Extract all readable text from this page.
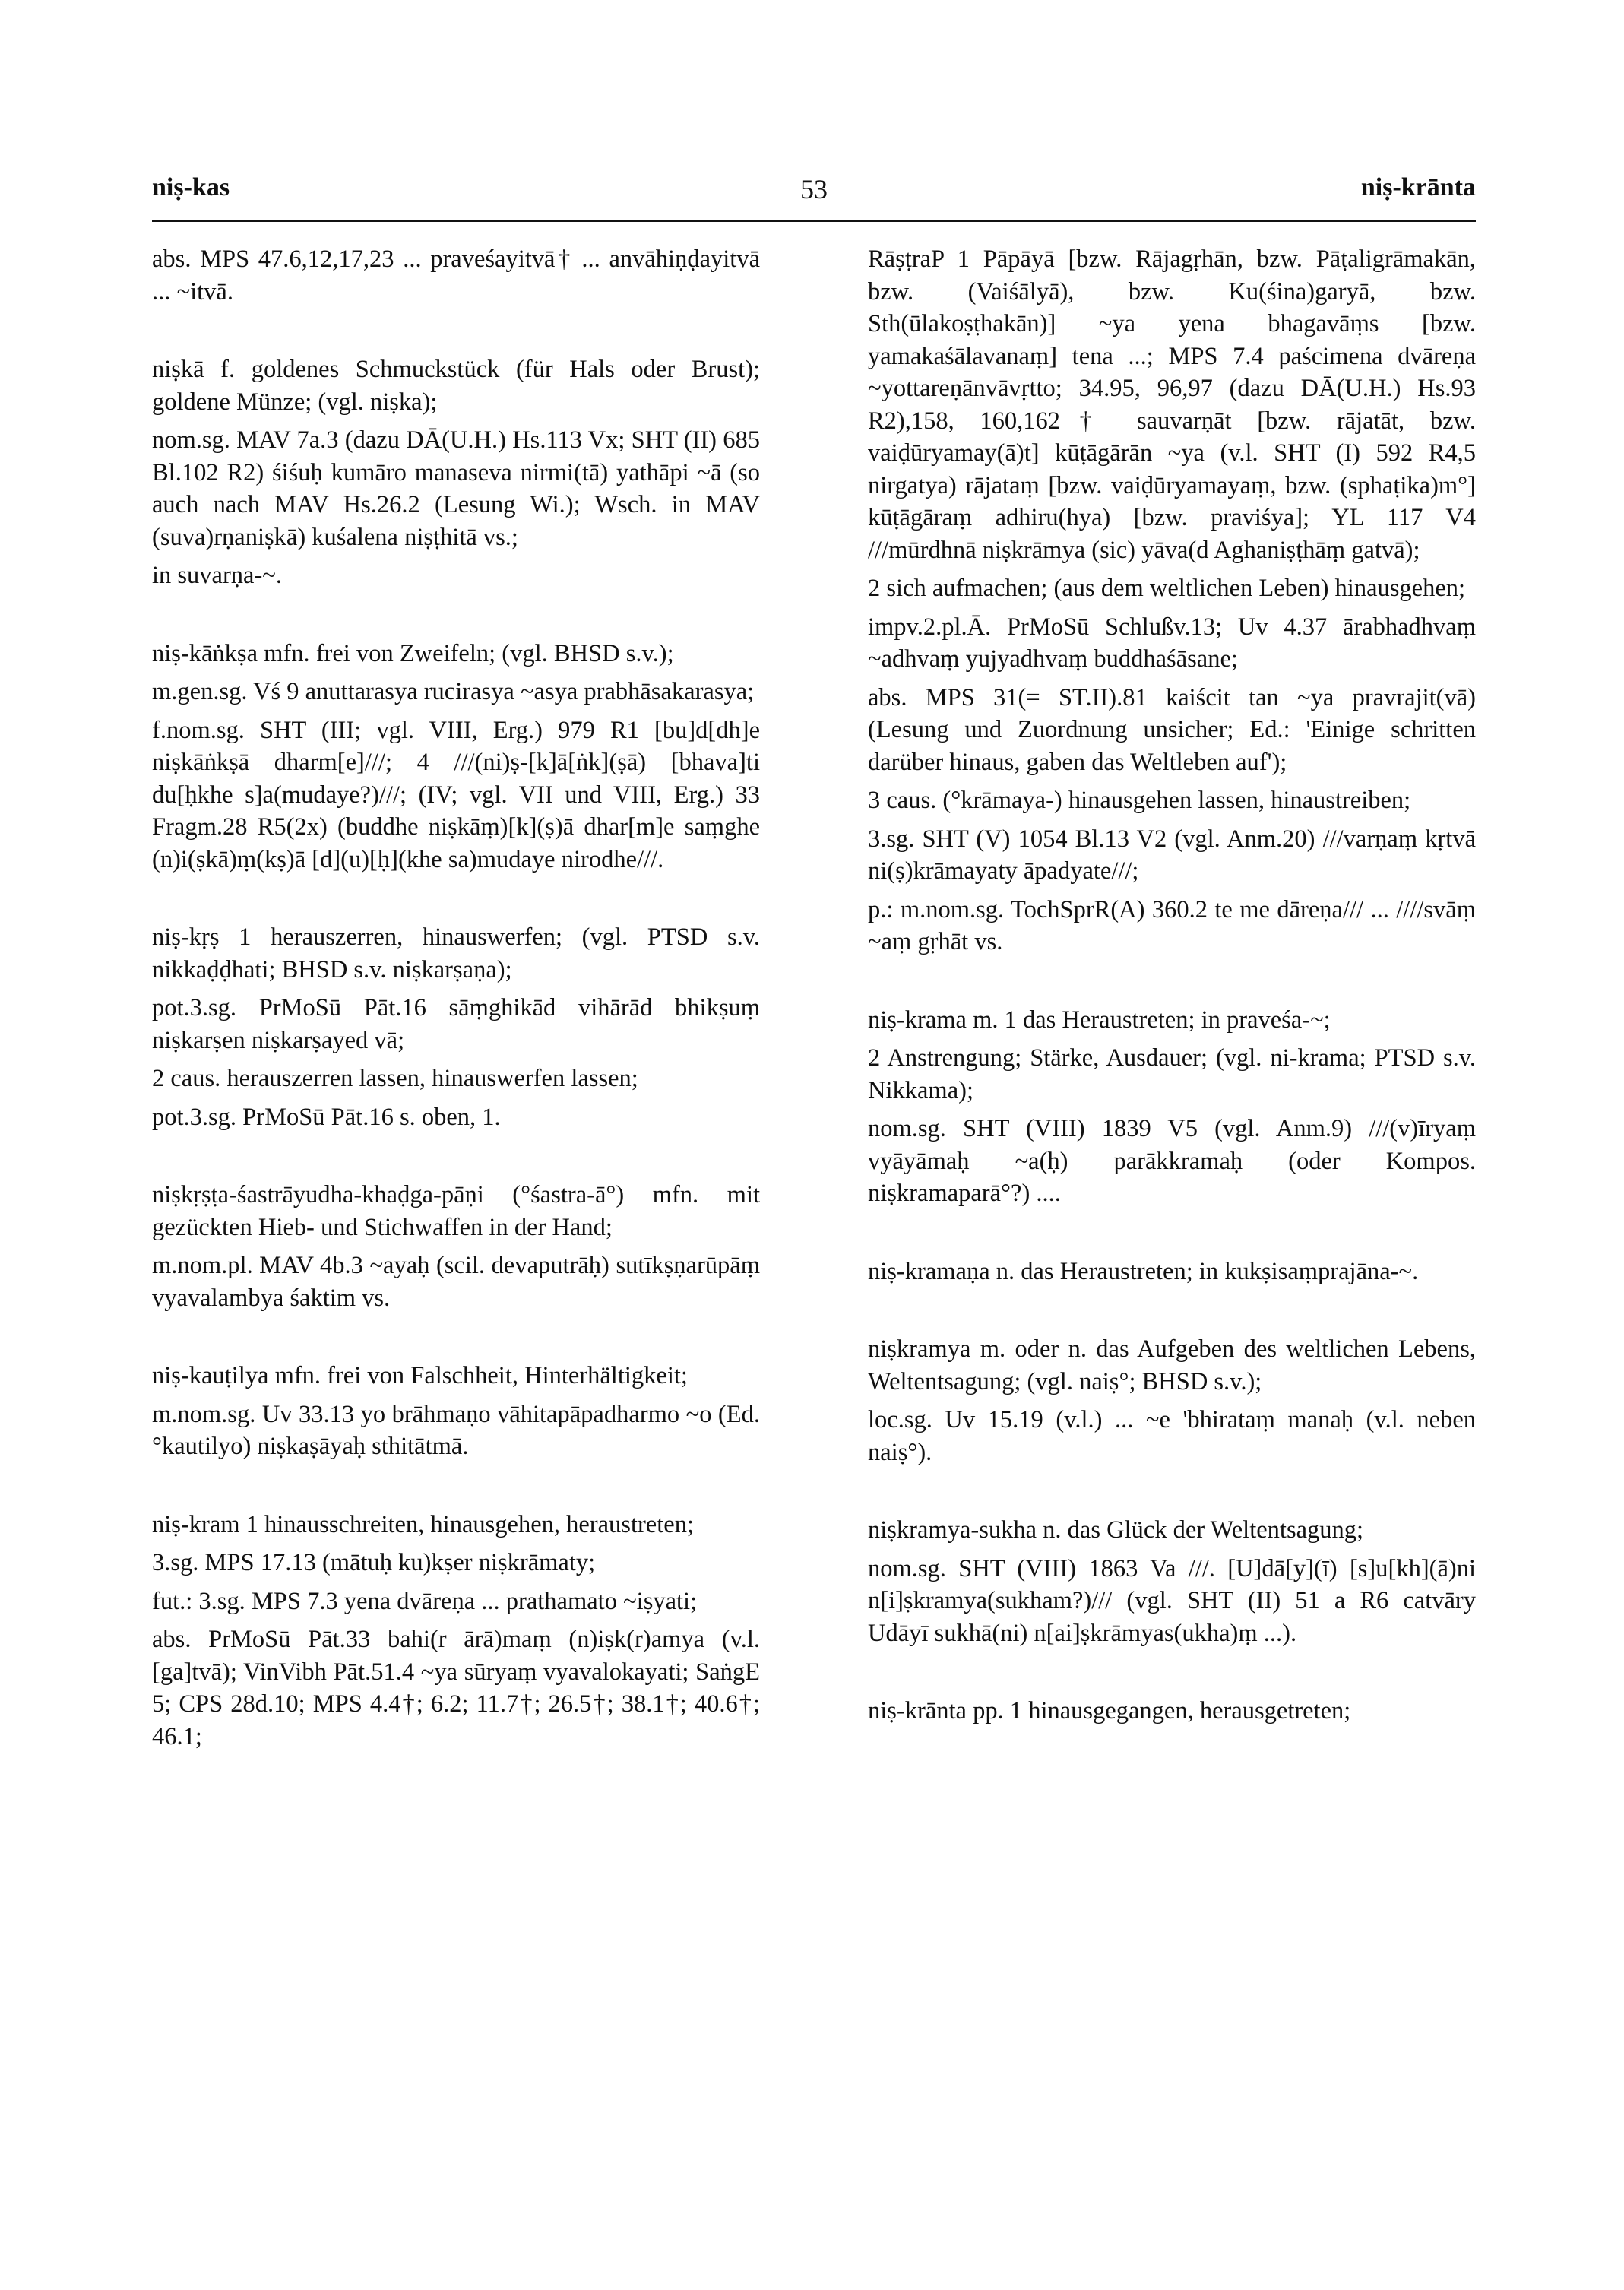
niṣ-kas	53	niṣ-krānta

abs. MPS 47.6,12,17,23 ... praveśayitvā† ... anvāhiṇḍayitvā ... ~itvā.

niṣkā f. goldenes Schmuckstück (für Hals oder Brust); goldene Münze; (vgl. niṣka);

nom.sg. MAV 7a.3 (dazu DĀ(U.H.) Hs.113 Vx; SHT (II) 685 Bl.102 R2) śiśuḥ kumāro manaseva nirmi(tā) yathāpi ~ā (so auch nach MAV Hs.26.2 (Lesung Wi.); Wsch. in MAV (suva)rṇaniṣkā) kuśalena niṣṭhitā vs.;

in suvarṇa-~.

niṣ-kāṅkṣa mfn. frei von Zweifeln; (vgl. BHSD s.v.);

m.gen.sg. Vś 9 anuttarasya rucirasya ~asya prabhāsakarasya;

f.nom.sg. SHT (III; vgl. VIII, Erg.) 979 R1 [bu]d[dh]e niṣkāṅkṣā dharm[e]///; 4 ///(ni)ṣ-[k]ā[ṅk](ṣā) [bhava]ti du[ḥkhe s]a(mudaye?)///; (IV; vgl. VII und VIII, Erg.) 33 Fragm.28 R5(2x) (buddhe niṣkāṃ)[k](ṣ)ā dhar[m]e saṃghe (n)i(ṣkā)ṃ(kṣ)ā [d](u)[ḥ](khe sa)mudaye nirodhe///.

niṣ-kṛṣ 1 herauszerren, hinauswerfen; (vgl. PTSD s.v. nikkaḍḍhati; BHSD s.v. niṣkarṣaṇa);

pot.3.sg. PrMoSū Pāt.16 sāṃghikād vihārād bhikṣuṃ niṣkarṣen niṣkarṣayed vā;

2 caus. herauszerren lassen, hinauswerfen lassen;

pot.3.sg. PrMoSū Pāt.16 s. oben, 1.

niṣkṛṣṭa-śastrāyudha-khaḍga-pāṇi (°śastra-ā°) mfn. mit gezückten Hieb- und Stichwaffen in der Hand;

m.nom.pl. MAV 4b.3 ~ayaḥ (scil. devaputrāḥ) sutīkṣṇarūpāṃ vyavalambya śaktim vs.

niṣ-kauṭilya mfn. frei von Falschheit, Hinterhältigkeit;

m.nom.sg. Uv 33.13 yo brāhmaṇo vāhitapāpadharmo ~o (Ed. °kautilyo) niṣkaṣāyaḥ sthitātmā.

niṣ-kram 1 hinausschreiten, hinausgehen, heraustreten;

3.sg. MPS 17.13 (mātuḥ ku)kṣer niṣkrāmaty;

fut.: 3.sg. MPS 7.3 yena dvāreṇa ... prathamato ~iṣyati;

abs. PrMoSū Pāt.33 bahi(r ārā)maṃ (n)iṣk(r)amya (v.l. [ga]tvā); VinVibh Pāt.51.4 ~ya sūryaṃ vyavalokayati; SaṅgE 5; CPS 28d.10; MPS 4.4†; 6.2; 11.7†; 26.5†; 38.1†; 40.6†; 46.1;

RāṣṭraP 1 Pāpāyā [bzw. Rājagṛhān, bzw. Pāṭaligrāmakān, bzw. (Vaiśālyā), bzw. Ku(śina)garyā, bzw. Sth(ūlakoṣṭhakān)] ~ya yena bhagavāṃs [bzw. yamakaśālavanaṃ] tena ...; MPS 7.4 paścimena dvāreṇa ~yottareṇānvāvṛtto; 34.95, 96,97 (dazu DĀ(U.H.) Hs.93 R2),158, 160,162† sauvarṇāt [bzw. rājatāt, bzw. vaiḍūryamay(ā)t] kūṭāgārān ~ya (v.l. SHT (I) 592 R4,5 nirgatya) rājataṃ [bzw. vaiḍūryamayaṃ, bzw. (sphaṭika)m°] kūṭāgāraṃ adhiru(hya) [bzw. praviśya]; YL 117 V4 ///mūrdhnā niṣkrāmya (sic) yāva(d Aghaniṣṭhāṃ gatvā);

2 sich aufmachen; (aus dem weltlichen Leben) hinausgehen;

impv.2.pl.Ā. PrMoSū Schlußv.13; Uv 4.37 ārabhadhvaṃ ~adhvaṃ yujyadhvaṃ buddhaśāsane;

abs. MPS 31(= ST.II).81 kaiścit tan ~ya pravrajit(vā) (Lesung und Zuordnung unsicher; Ed.: 'Einige schritten darüber hinaus, gaben das Weltleben auf');

3 caus. (°krāmaya-) hinausgehen lassen, hinaustreiben;

3.sg. SHT (V) 1054 Bl.13 V2 (vgl. Anm.20) ///varṇaṃ kṛtvā ni(ṣ)krāmayaty āpadyate///;

p.: m.nom.sg. TochSprR(A) 360.2 te me dāreṇa/// ... ////svāṃ ~aṃ gṛhāt vs.

niṣ-krama m. 1 das Heraustreten; in praveśa-~;

2 Anstrengung; Stärke, Ausdauer; (vgl. ni-krama; PTSD s.v. Nikkama);

nom.sg. SHT (VIII) 1839 V5 (vgl. Anm.9) ///(v)īryaṃ vyāyāmaḥ ~a(ḥ) parākkramaḥ (oder Kompos. niṣkramaparā°?) ....

niṣ-kramaṇa n. das Heraustreten; in kukṣisaṃprajāna-~.

niṣkramya m. oder n. das Aufgeben des weltlichen Lebens, Weltentsagung; (vgl. naiṣ°; BHSD s.v.);

loc.sg. Uv 15.19 (v.l.) ... ~e 'bhirataṃ manaḥ (v.l. neben naiṣ°).

niṣkramya-sukha n. das Glück der Weltentsagung;

nom.sg. SHT (VIII) 1863 Va ///. [U]dā[y](ī) [s]u[kh](ā)ni n[i]ṣkramya(sukham?)/// (vgl. SHT (II) 51 a R6 catvāry Udāyī sukhā(ni) n[ai]ṣkrāmyas(ukha)ṃ ...).

niṣ-krānta pp. 1 hinausgegangen, herausgetreten;
